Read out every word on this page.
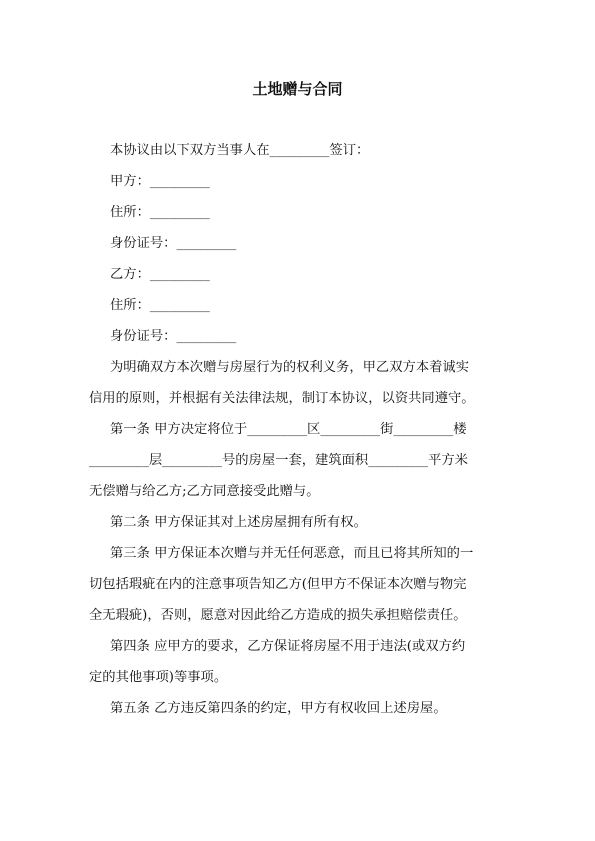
土地赠与合同
本协议由以下双方当事人在_________签订：
甲方：_________
住所：_________
身份证号：_________
乙方：_________
住所：_________
身份证号：_________
为明确双方本次赠与房屋行为的权利义务，甲乙双方本着诚实
信用的原则，并根据有关法律法规，制订本协议，以资共同遵守。
第一条 甲方决定将位于_________区_________街_________楼
_________层_________号的房屋一套，建筑面积_________平方米
无偿赠与给乙方;乙方同意接受此赠与。
第二条 甲方保证其对上述房屋拥有所有权。
第三条 甲方保证本次赠与并无任何恶意，而且已将其所知的一
切包括瑕疵在内的注意事项告知乙方(但甲方不保证本次赠与物完
全无瑕疵)，否则，愿意对因此给乙方造成的损失承担赔偿责任。
第四条 应甲方的要求，乙方保证将房屋不用于违法(或双方约
定的其他事项)等事项。
第五条 乙方违反第四条的约定，甲方有权收回上述房屋。
